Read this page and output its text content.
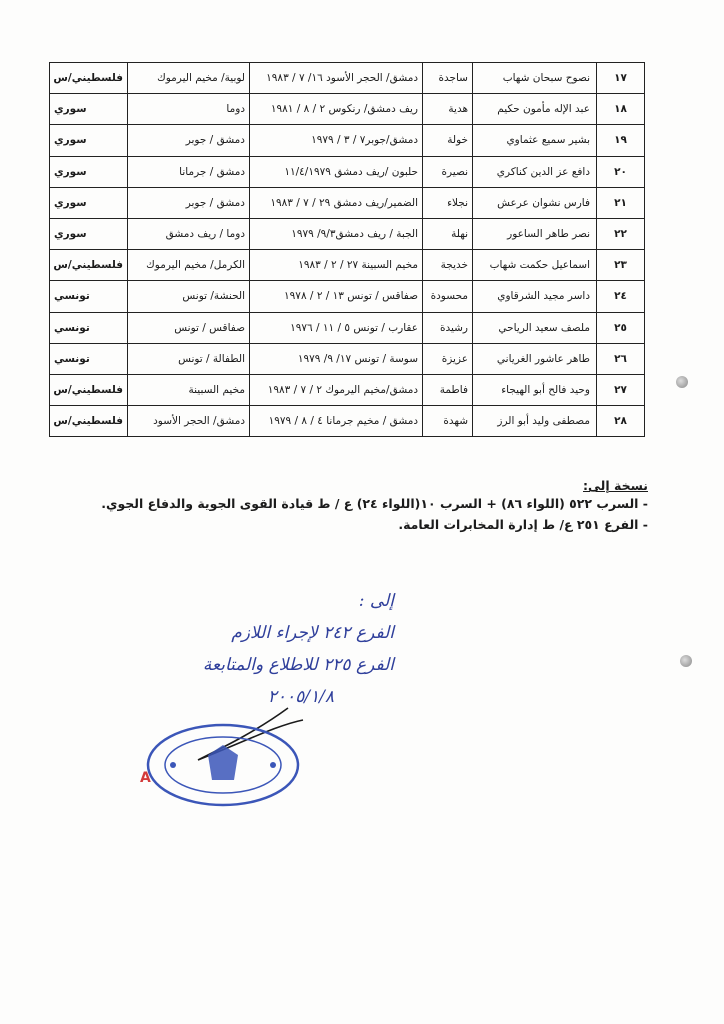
١٧	نصوح سبحان شهاب	ساجدة	دمشق/ الحجر الأسود ١٦/ ٧ / ١٩٨٣	لوبية/ مخيم اليرموك	فلسطيني/س
١٨	عبد الإله مأمون حكيم	هدية	ريف دمشق/ رنكوس ٢ / ٨ / ١٩٨١	دوما	سوري
١٩	بشير سميع عثماوي	خولة	دمشق/جوبر٧ / ٣ / ١٩٧٩	دمشق / جوبر	سوري
٢٠	دافع عز الدين كناكري	نصيرة	حلبون /ريف دمشق ١١/٤/١٩٧٩	دمشق / جرمانا	سوري
٢١	فارس نشوان عرعش	نجلاء	الضمير/ريف دمشق ٢٩ / ٧ / ١٩٨٣	دمشق / جوبر	سوري
٢٢	نصر طاهر الساعور	نهلة	الجبة / ريف دمشق٩/٣/ ١٩٧٩	دوما / ريف دمشق	سوري
٢٣	اسماعيل حكمت شهاب	خديجة	مخيم السبينة ٢٧ / ٢ / ١٩٨٣	الكرمل/ مخيم اليرموك	فلسطيني/س
٢٤	داسر مجيد الشرقاوي	محسودة	صفاقس / تونس ١٣ / ٢ / ١٩٧٨	الحنشة/ تونس	تونسي
٢٥	ملصف سعيد الرياحي	رشيدة	عقارب / تونس ٥ / ١١ / ١٩٧٦	صفاقس / تونس	تونسي
٢٦	طاهر عاشور الغرياني	عزيزة	سوسة / تونس ١٧/ ٩/ ١٩٧٩	الطفالة / تونس	تونسي
٢٧	وحيد فالح أبو الهيجاء	فاطمة	دمشق/مخيم اليرموك ٢ / ٧ / ١٩٨٣	مخيم السبينة	فلسطيني/س
٢٨	مصطفى وليد أبو الرز	شهدة	دمشق / مخيم جرمانا ٤ / ٨ / ١٩٧٩	دمشق/ الحجر الأسود	فلسطيني/س
نسخة إلى:
- السرب ٥٢٢ (اللواء ٨٦) + السرب ١٠(اللواء ٢٤) ع / ط قيادة القوى الجوية والدفاع الجوي.
- الفرع ٢٥١ ع/ ط إدارة المخابرات العامة.
إلى :
الفرع ٢٤٢ لإجراء اللازم
الفرع ٢٢٥ للاطلاع والمتابعة
٢٠٠٥/١/٨
A
